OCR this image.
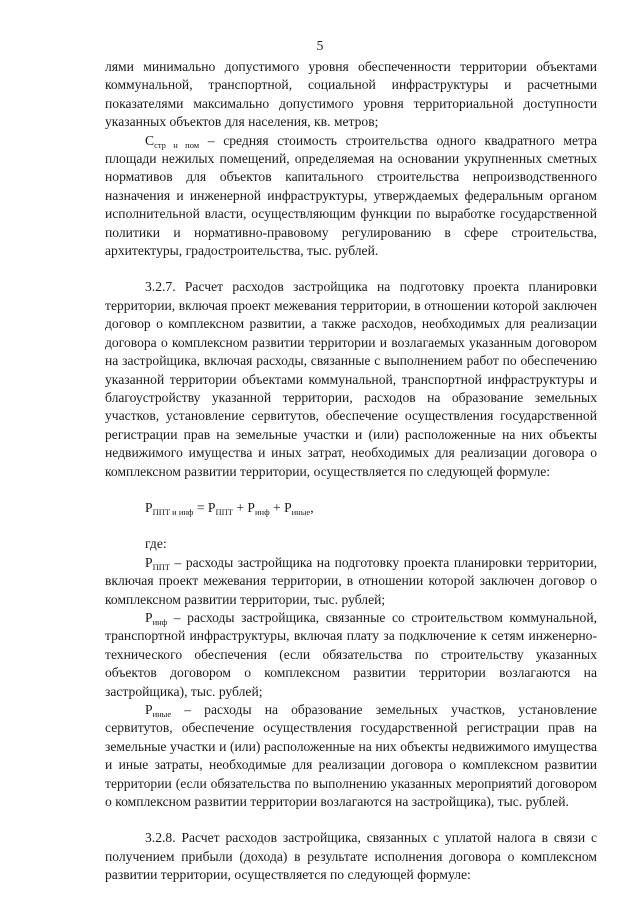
5

лями минимально допустимого уровня обеспеченности территории объектами коммунальной, транспортной, социальной инфраструктуры и расчетными показателями максимально допустимого уровня территориальной доступности указанных объектов для населения, кв. метров;

$С_{стр н пом}$ – средняя стоимость строительства одного квадратного метра площади нежилых помещений, определяемая на основании укрупненных сметных нормативов для объектов капитального строительства непроизводственного назначения и инженерной инфраструктуры, утверждаемых федеральным органом исполнительной власти, осуществляющим функции по выработке государственной политики и нормативно-правовому регулированию в сфере строительства, архитектуры, градостроительства, тыс. рублей.

3.2.7. Расчет расходов застройщика на подготовку проекта планировки территории, включая проект межевания территории, в отношении которой заключен договор о комплексном развитии, а также расходов, необходимых для реализации договора о комплексном развитии территории и возлагаемых указанным договором на застройщика, включая расходы, связанные с выполнением работ по обеспечению указанной территории объектами коммунальной, транспортной инфраструктуры и благоустройству указанной территории, расходов на образование земельных участков, установление сервитутов, обеспечение осуществления государственной регистрации прав на земельные участки и (или) расположенные на них объекты недвижимого имущества и иных затрат, необходимых для реализации договора о комплексном развитии территории, осуществляется по следующей формуле:

$Р_{ППТ и инф} = Р_{ППТ} + Р_{инф} + Р_{иные}$,

где:

$Р_{ППТ}$ – расходы застройщика на подготовку проекта планировки территории, включая проект межевания территории, в отношении которой заключен договор о комплексном развитии территории, тыс. рублей;

$Р_{инф}$ – расходы застройщика, связанные со строительством коммунальной, транспортной инфраструктуры, включая плату за подключение к сетям инженерно-технического обеспечения (если обязательства по строительству указанных объектов договором о комплексном развитии территории возлагаются на застройщика), тыс. рублей;

$Р_{иные}$ – расходы на образование земельных участков, установление сервитутов, обеспечение осуществления государственной регистрации прав на земельные участки и (или) расположенные на них объекты недвижимого имущества и иные затраты, необходимые для реализации договора о комплексном развитии территории (если обязательства по выполнению указанных мероприятий договором о комплексном развитии территории возлагаются на застройщика), тыс. рублей.

3.2.8. Расчет расходов застройщика, связанных с уплатой налога в связи с получением прибыли (дохода) в результате исполнения договора о комплексном развитии территории, осуществляется по следующей формуле:
